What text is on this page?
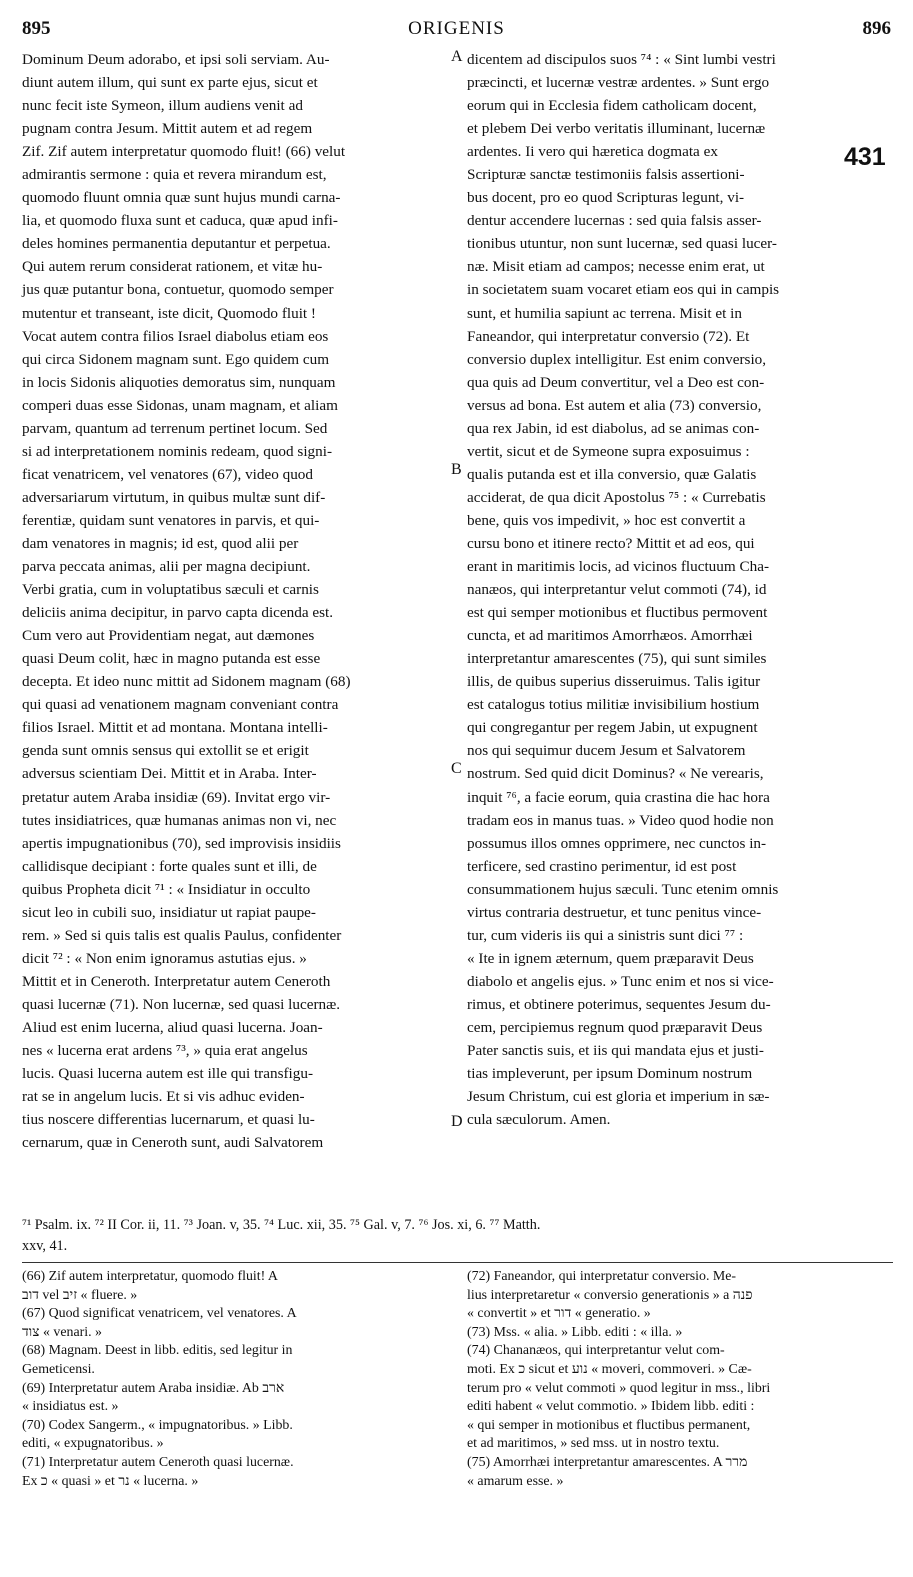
895	ORIGENIS	896

Dominum Deum adorabo, et ipsi soli serviam. Au-

diunt autem illum, qui sunt ex parte ejus, sicut et

nunc fecit iste Symeon, illum audiens venit ad

pugnam contra Jesum. Mittit autem et ad regem

Zif. Zif autem interpretatur quomodo fluit! (66) velut

admirantis sermone : quia et revera mirandum est,

quomodo fluunt omnia quæ sunt hujus mundi carna-

lia, et quomodo fluxa sunt et caduca, quæ apud infi-

deles homines permanentia deputantur et perpetua.

Qui autem rerum considerat rationem, et vitæ hu-

jus quæ putantur bona, contuetur, quomodo semper

mutentur et transeant, iste dicit, Quomodo fluit !

Vocat autem contra filios Israel diabolus etiam eos

qui circa Sidonem magnam sunt. Ego quidem cum

in locis Sidonis aliquoties demoratus sim, nunquam

comperi duas esse Sidonas, unam magnam, et aliam

parvam, quantum ad terrenum pertinet locum. Sed

si ad interpretationem nominis redeam, quod signi-

ficat venatricem, vel venatores (67), video quod

adversariarum virtutum, in quibus multæ sunt dif-

ferentiæ, quidam sunt venatores in parvis, et qui-

dam venatores in magnis; id est, quod alii per

parva peccata animas, alii per magna decipiunt.

Verbi gratia, cum in voluptatibus sæculi et carnis

deliciis anima decipitur, in parvo capta dicenda est.

Cum vero aut Providentiam negat, aut dæmones

quasi Deum colit, hæc in magno putanda est esse

decepta. Et ideo nunc mittit ad Sidonem magnam (68)

qui quasi ad venationem magnam conveniant contra

filios Israel. Mittit et ad montana. Montana intelli-

genda sunt omnis sensus qui extollit se et erigit

adversus scientiam Dei. Mittit et in Araba. Inter-

pretatur autem Araba insidiæ (69). Invitat ergo vir-

tutes insidiatrices, quæ humanas animas non vi, nec

apertis impugnationibus (70), sed improvisis insidiis

callidisque decipiant : forte quales sunt et illi, de

quibus Propheta dicit ⁷¹ : « Insidiatur in occulto

sicut leo in cubili suo, insidiatur ut rapiat paupe-

rem. » Sed si quis talis est qualis Paulus, confidenter

dicit ⁷² : « Non enim ignoramus astutias ejus. »

Mittit et in Ceneroth. Interpretatur autem Ceneroth

quasi lucernæ (71). Non lucernæ, sed quasi lucernæ.

Aliud est enim lucerna, aliud quasi lucerna. Joan-

nes « lucerna erat ardens ⁷³, » quia erat angelus

lucis. Quasi lucerna autem est ille qui transfigu-

rat se in angelum lucis. Et si vis adhuc eviden-

tius noscere differentias lucernarum, et quasi lu-

cernarum, quæ in Ceneroth sunt, audi Salvatorem

dicentem ad discipulos suos ⁷⁴ : « Sint lumbi vestri

præcincti, et lucernæ vestræ ardentes. » Sunt ergo

eorum qui in Ecclesia fidem catholicam docent,

et plebem Dei verbo veritatis illuminant, lucernæ

ardentes. Ii vero qui hæretica dogmata ex

Scripturæ sanctæ testimoniis falsis assertioni-

bus docent, pro eo quod Scripturas legunt, vi-

dentur accendere lucernas : sed quia falsis asser-

tionibus utuntur, non sunt lucernæ, sed quasi lucer-

næ. Misit etiam ad campos; necesse enim erat, ut

in societatem suam vocaret etiam eos qui in campis

sunt, et humilia sapiunt ac terrena. Misit et in

Faneandor, qui interpretatur conversio (72). Et

conversio duplex intelligitur. Est enim conversio,

qua quis ad Deum convertitur, vel a Deo est con-

versus ad bona. Est autem et alia (73) conversio,

qua rex Jabin, id est diabolus, ad se animas con-

vertit, sicut et de Symeone supra exposuimus :

qualis putanda est et illa conversio, quæ Galatis

acciderat, de qua dicit Apostolus ⁷⁵ : « Currebatis

bene, quis vos impedivit, » hoc est convertit a

cursu bono et itinere recto? Mittit et ad eos, qui

erant in maritimis locis, ad vicinos fluctuum Cha-

nanæos, qui interpretantur velut commoti (74), id

est qui semper motionibus et fluctibus permovent

cuncta, et ad maritimos Amorrhæos. Amorrhæi

interpretantur amarescentes (75), qui sunt similes

illis, de quibus superius disseruimus. Talis igitur

est catalogus totius militiæ invisibilium hostium

qui congregantur per regem Jabin, ut expugnent

nos qui sequimur ducem Jesum et Salvatorem

nostrum. Sed quid dicit Dominus? « Ne verearis,

inquit ⁷⁶, a facie eorum, quia crastina die hac hora

tradam eos in manus tuas. » Video quod hodie non

possumus illos omnes opprimere, nec cunctos in-

terficere, sed crastino perimentur, id est post

consummationem hujus sæculi. Tunc etenim omnis

virtus contraria destruetur, et tunc penitus vince-

tur, cum videris iis qui a sinistris sunt dici ⁷⁷ :

« Ite in ignem æternum, quem præparavit Deus

diabolo et angelis ejus. » Tunc enim et nos si vice-

rimus, et obtinere poterimus, sequentes Jesum du-

cem, percipiemus regnum quod præparavit Deus

Pater sanctis suis, et iis qui mandata ejus et justi-

tias impleverunt, per ipsum Dominum nostrum

Jesum Christum, cui est gloria et imperium in sæ-

cula sæculorum. Amen.

A
B
C
D
431
⁷¹ Psalm. ix. ⁷² II Cor. ii, 11. ⁷³ Joan. v, 35. ⁷⁴ Luc. xii, 35. ⁷⁵ Gal. v, 7. ⁷⁶ Jos. xi, 6. ⁷⁷ Matth.
xxv, 41.

(66) Zif autem interpretatur, quomodo fluit! A

דוב vel זיב « fluere. »

(67) Quod significat venatricem, vel venatores. A

צוד « venari. »

(68) Magnam. Deest in libb. editis, sed legitur in

Gemeticensi.

(69) Interpretatur autem Araba insidiæ. Ab ארב

« insidiatus est. »

(70) Codex Sangerm., « impugnatoribus. » Libb.

editi, « expugnatoribus. »

(71) Interpretatur autem Ceneroth quasi lucernæ.

Ex כ « quasi » et נר « lucerna. »

(72) Faneandor, qui interpretatur conversio. Me-

lius interpretaretur « conversio generationis » a פנה

« convertit » et דור « generatio. »

(73) Mss. « alia. » Libb. editi : « illa. »

(74) Chananæos, qui interpretantur velut com-

moti. Ex כ sicut et נוע « moveri, commoveri. » Cæ-

terum pro « velut commoti » quod legitur in mss., libri

editi habent « velut commotio. » Ibidem libb. editi :

« qui semper in motionibus et fluctibus permanent,

et ad maritimos, » sed mss. ut in nostro textu.

(75) Amorrhæi interpretantur amarescentes. A מרר

« amarum esse. »
